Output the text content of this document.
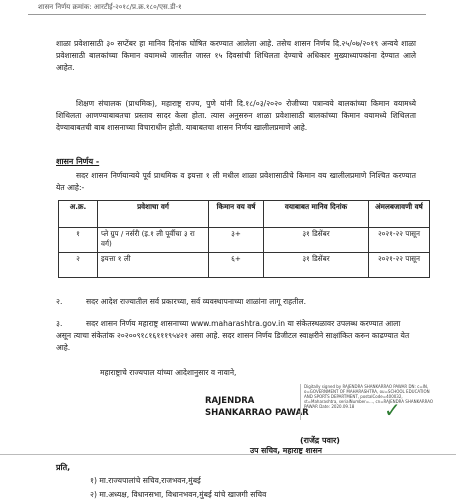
शासन निर्णय क्रमांक: आरटीई-२०१८/प्र.क्र.१८०/एस.डी-१
शाळा प्रवेशासाठी ३० सप्टेंबर हा मानिव दिनांक घोषित करण्यात आलेला आहे. तसेच शासन निर्णय दि.२५/०७/२०१९ अन्वये शाळा प्रवेशासाठी बालकांच्या किमान वयामध्ये जास्तीत जास्त १५ दिवसांची शिथिलता देण्याचे अधिकार मुख्याध्यापकांना देण्यात आले आहेत.
शिक्षण संचालक (प्राथमिक), महाराष्ट्र राज्य, पुणे यांनी दि.१८/०३/२०२० रोजीच्या पत्रान्वये बालकांच्या किमान वयामध्ये शिथिलता आणण्याबाबतचा प्रस्ताव सादर केला होता. त्यास अनुसरुन शाळा प्रवेशासाठी बालकांच्या किमान वयामध्ये शिथिलता देण्याबाबतची बाब शासनाच्या विचाराधीन होती. याबाबतचा शासन निर्णय खालीलप्रमाणे आहे.
शासन निर्णय -
सदर शासन निर्णयान्वये पूर्व प्राथमिक व इयत्ता १ ली मधील शाळा प्रवेशासाठीचे किमान वय खालीलप्रमाणे निश्चित करण्यात येत आहे:-
अ.क्र.	प्रवेशाचा वर्ग	किमान वय वर्ष	वयाबाबत मानिव दिनांक	अंमलबजावणी वर्ष
१	प्ले ग्रुप / नर्सरी (इ.१ ली पूर्वीचा ३ रा वर्ग)	३+	३१ डिसेंबर	२०२१-२२ पासून
२	इयत्ता १ ली	६+	३१ डिसेंबर	२०२१-२२ पासून
२.	सदर आदेश राज्यातील सर्व प्रकारच्या, सर्व व्यवस्थापनाच्या शाळांना लागू राहतील.
३.	सदर शासन निर्णय महाराष्ट्र शासनाच्या www.maharashtra.gov.in या संकेतस्थळावर उपलब्ध करण्यात आला असून त्याचा संकेतांक २०२००९१८१६१११९५४२१ असा आहे. सदर शासन निर्णय डिजीटल स्वाक्षरीने साक्षांकित करुन काढण्यात येत आहे.
महाराष्ट्राचे राज्यपाल यांच्या आदेशानुसार व नावाने,
RAJENDRA
SHANKARRAO PAWAR
Digitally signed by RAJENDRA SHANKARRAO PAWAR DN: c=IN, o=GOVERNMENT OF MAHARASHTRA, ou=SCHOOL EDUCATION AND SPORTS DEPARTMENT, postalCode=400032, st=Maharashtra, serialNumber=..., cn=RAJENDRA SHANKARRAO PAWAR Date: 2020.09.18	✓
(राजेंद्र पवार)
उप सचिव, महाराष्ट्र शासन
प्रति,
१) मा.राज्यपालांचे सचिव,राजभवन,मुंबई
२) मा.अध्यक्ष, विधानसभा, विधानभवन,मुंबई यांचे खाजगी सचिव
